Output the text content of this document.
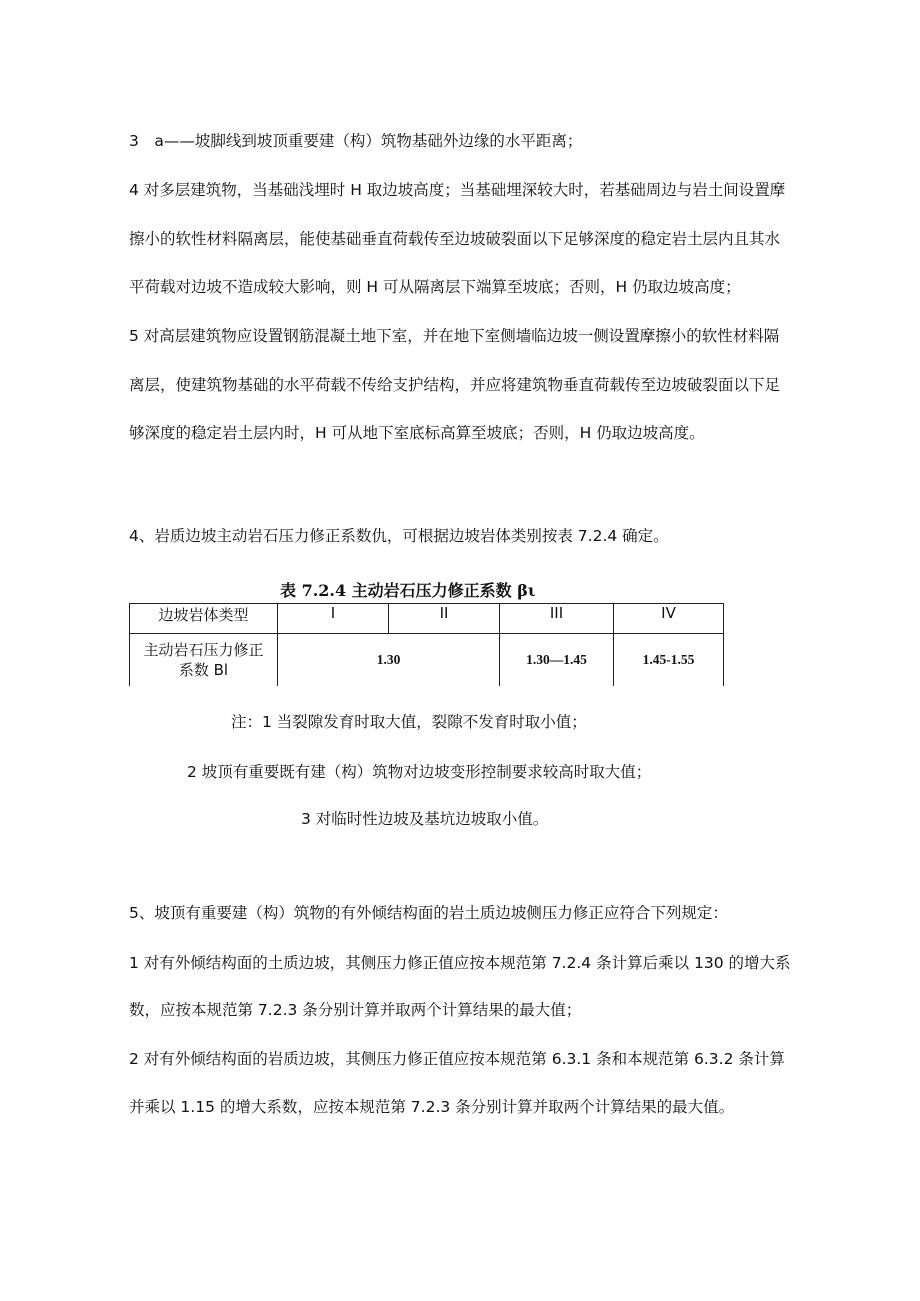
3　a——坡脚线到坡顶重要建（构）筑物基础外边缘的水平距离；
4 对多层建筑物，当基础浅埋时 H 取边坡高度；当基础埋深较大时，若基础周边与岩土间设置摩
擦小的软性材料隔离层，能使基础垂直荷载传至边坡破裂面以下足够深度的稳定岩土层内且其水
平荷载对边坡不造成较大影响，则 H 可从隔离层下端算至坡底；否则，H 仍取边坡高度；
5 对高层建筑物应设置钢筋混凝土地下室，并在地下室侧墙临边坡一侧设置摩擦小的软性材料隔
离层，使建筑物基础的水平荷载不传给支护结构，并应将建筑物垂直荷载传至边坡破裂面以下足
够深度的稳定岩土层内时，H 可从地下室底标高算至坡底；否则，H 仍取边坡高度。
4、岩质边坡主动岩石压力修正系数仇，可根据边坡岩体类别按表 7.2.4 确定。
表 7.2.4 主动岩石压力修正系数 βι
边坡岩体类型	I	II	III	IV

主动岩石压力修正
系数 Bl	1.30		1.30—1.45	1.45-1.55
注：1 当裂隙发育时取大值，裂隙不发育时取小值；
2 坡顶有重要既有建（构）筑物对边坡变形控制要求较高时取大值；
3 对临时性边坡及基坑边坡取小值。
5、坡顶有重要建（构）筑物的有外倾结构面的岩土质边坡侧压力修正应符合下列规定：
1 对有外倾结构面的土质边坡，其侧压力修正值应按本规范第 7.2.4 条计算后乘以 130 的增大系
数，应按本规范第 7.2.3 条分别计算并取两个计算结果的最大值；
2 对有外倾结构面的岩质边坡，其侧压力修正值应按本规范第 6.3.1 条和本规范第 6.3.2 条计算
并乘以 1.15 的增大系数，应按本规范第 7.2.3 条分别计算并取两个计算结果的最大值。
